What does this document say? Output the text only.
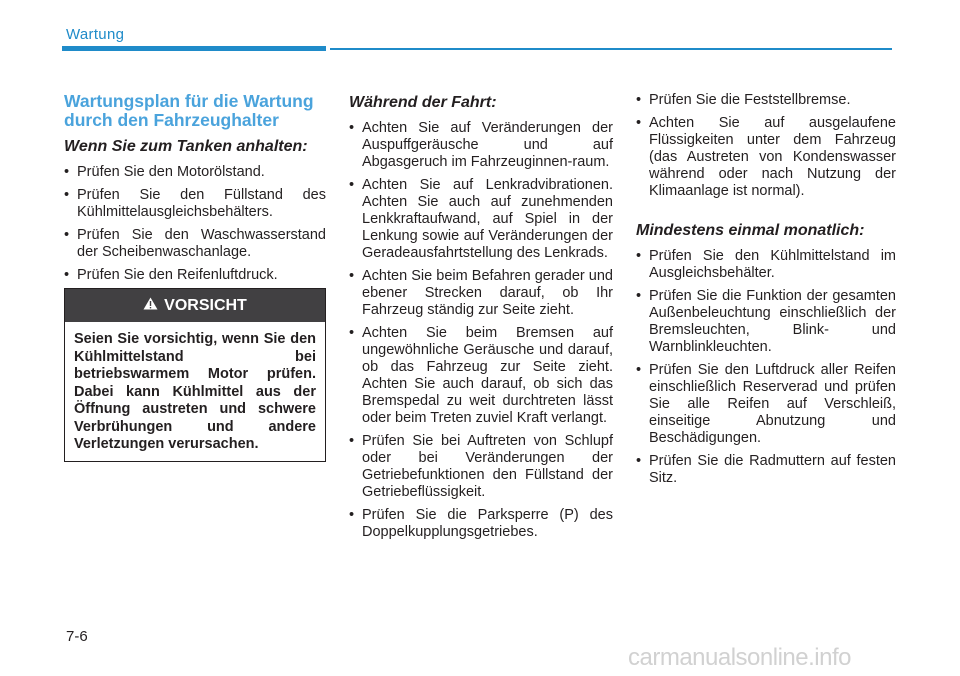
Wartung
Wartungsplan für die Wartung durch den Fahrzeughalter
Wenn Sie zum Tanken anhalten:
• Prüfen Sie den Motorölstand.
• Prüfen Sie den Füllstand des Kühlmittelausgleichsbehälters.
• Prüfen Sie den Waschwasserstand der Scheibenwaschanlage.
• Prüfen Sie den Reifenluftdruck.
VORSICHT
Seien Sie vorsichtig, wenn Sie den Kühlmittelstand bei betriebswarmem Motor prüfen. Dabei kann Kühlmittel aus der Öffnung austreten und schwere Verbrühungen und andere Verletzungen verursachen.
Während der Fahrt:
• Achten Sie auf Veränderungen der Auspuffgeräusche und auf Abgasgeruch im Fahrzeuginnen-raum.
• Achten Sie auf Lenkradvibrationen. Achten Sie auch auf zunehmenden Lenkkraftaufwand, auf Spiel in der Lenkung sowie auf Veränderungen der Geradeausfahrtstellung des Lenkrads.
• Achten Sie beim Befahren gerader und ebener Strecken darauf, ob Ihr Fahrzeug ständig zur Seite zieht.
• Achten Sie beim Bremsen auf ungewöhnliche Geräusche und darauf, ob das Fahrzeug zur Seite zieht. Achten Sie auch darauf, ob sich das Bremspedal zu weit durchtreten lässt oder beim Treten zuviel Kraft verlangt.
• Prüfen Sie bei Auftreten von Schlupf oder bei Veränderungen der Getriebefunktionen den Füllstand der Getriebeflüssigkeit.
• Prüfen Sie die Parksperre (P) des Doppelkupplungsgetriebes.
• Prüfen Sie die Feststellbremse.
• Achten Sie auf ausgelaufene Flüssigkeiten unter dem Fahrzeug (das Austreten von Kondenswasser während oder nach Nutzung der Klimaanlage ist normal).
Mindestens einmal monatlich:
• Prüfen Sie den Kühlmittelstand im Ausgleichsbehälter.
• Prüfen Sie die Funktion der gesamten Außenbeleuchtung einschließlich der Bremsleuchten, Blink- und Warnblinkleuchten.
• Prüfen Sie den Luftdruck aller Reifen einschließlich Reserverad und prüfen Sie alle Reifen auf Verschleiß, einseitige Abnutzung und Beschädigungen.
• Prüfen Sie die Radmuttern auf festen Sitz.
7-6
carmanualsonline.info
